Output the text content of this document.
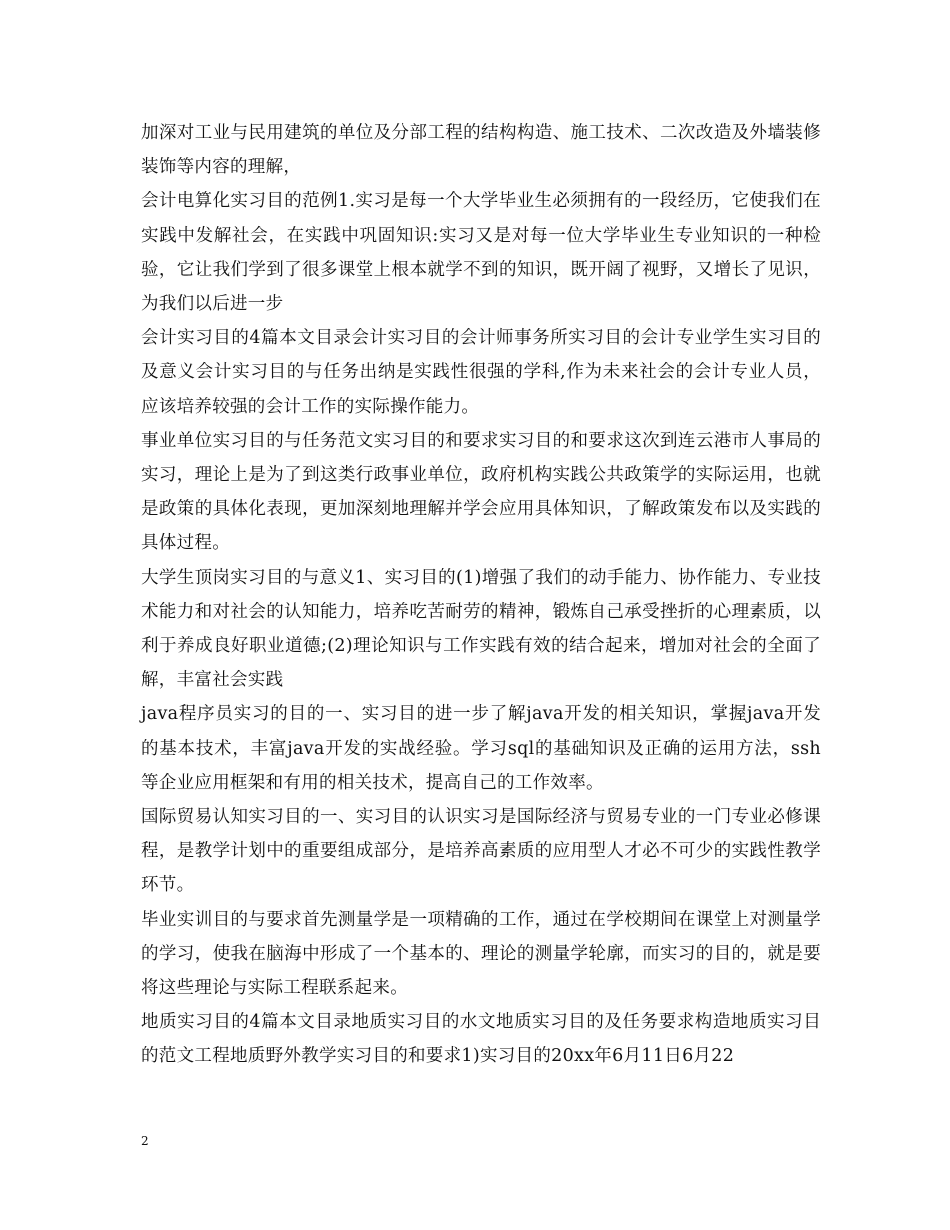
加深对工业与民用建筑的单位及分部工程的结构构造、施工技术、二次改造及外墙装修装饰等内容的理解，

会计电算化实习目的范例1.实习是每一个大学毕业生必须拥有的一段经历，它使我们在实践中发解社会，在实践中巩固知识:实习又是对每一位大学毕业生专业知识的一种检验，它让我们学到了很多课堂上根本就学不到的知识，既开阔了视野，又增长了见识，为我们以后进一步

会计实习目的4篇本文目录会计实习目的会计师事务所实习目的会计专业学生实习目的及意义会计实习目的与任务出纳是实践性很强的学科,作为未来社会的会计专业人员，应该培养较强的会计工作的实际操作能力。

事业单位实习目的与任务范文实习目的和要求实习目的和要求这次到连云港市人事局的实习，理论上是为了到这类行政事业单位，政府机构实践公共政策学的实际运用，也就是政策的具体化表现，更加深刻地理解并学会应用具体知识，了解政策发布以及实践的具体过程。

大学生顶岗实习目的与意义1、实习目的(1)增强了我们的动手能力、协作能力、专业技术能力和对社会的认知能力，培养吃苦耐劳的精神，锻炼自己承受挫折的心理素质，以利于养成良好职业道德;(2)理论知识与工作实践有效的结合起来，增加对社会的全面了解，丰富社会实践

java程序员实习的目的一、实习目的进一步了解java开发的相关知识，掌握java开发的基本技术，丰富java开发的实战经验。学习sql的基础知识及正确的运用方法，ssh等企业应用框架和有用的相关技术，提高自己的工作效率。

国际贸易认知实习目的一、实习目的认识实习是国际经济与贸易专业的一门专业必修课程，是教学计划中的重要组成部分，是培养高素质的应用型人才必不可少的实践性教学环节。

毕业实训目的与要求首先测量学是一项精确的工作，通过在学校期间在课堂上对测量学的学习，使我在脑海中形成了一个基本的、理论的测量学轮廓，而实习的目的，就是要将这些理论与实际工程联系起来。

地质实习目的4篇本文目录地质实习目的水文地质实习目的及任务要求构造地质实习目的范文工程地质野外教学实习目的和要求1)实习目的20xx年6月11日6月22

2
